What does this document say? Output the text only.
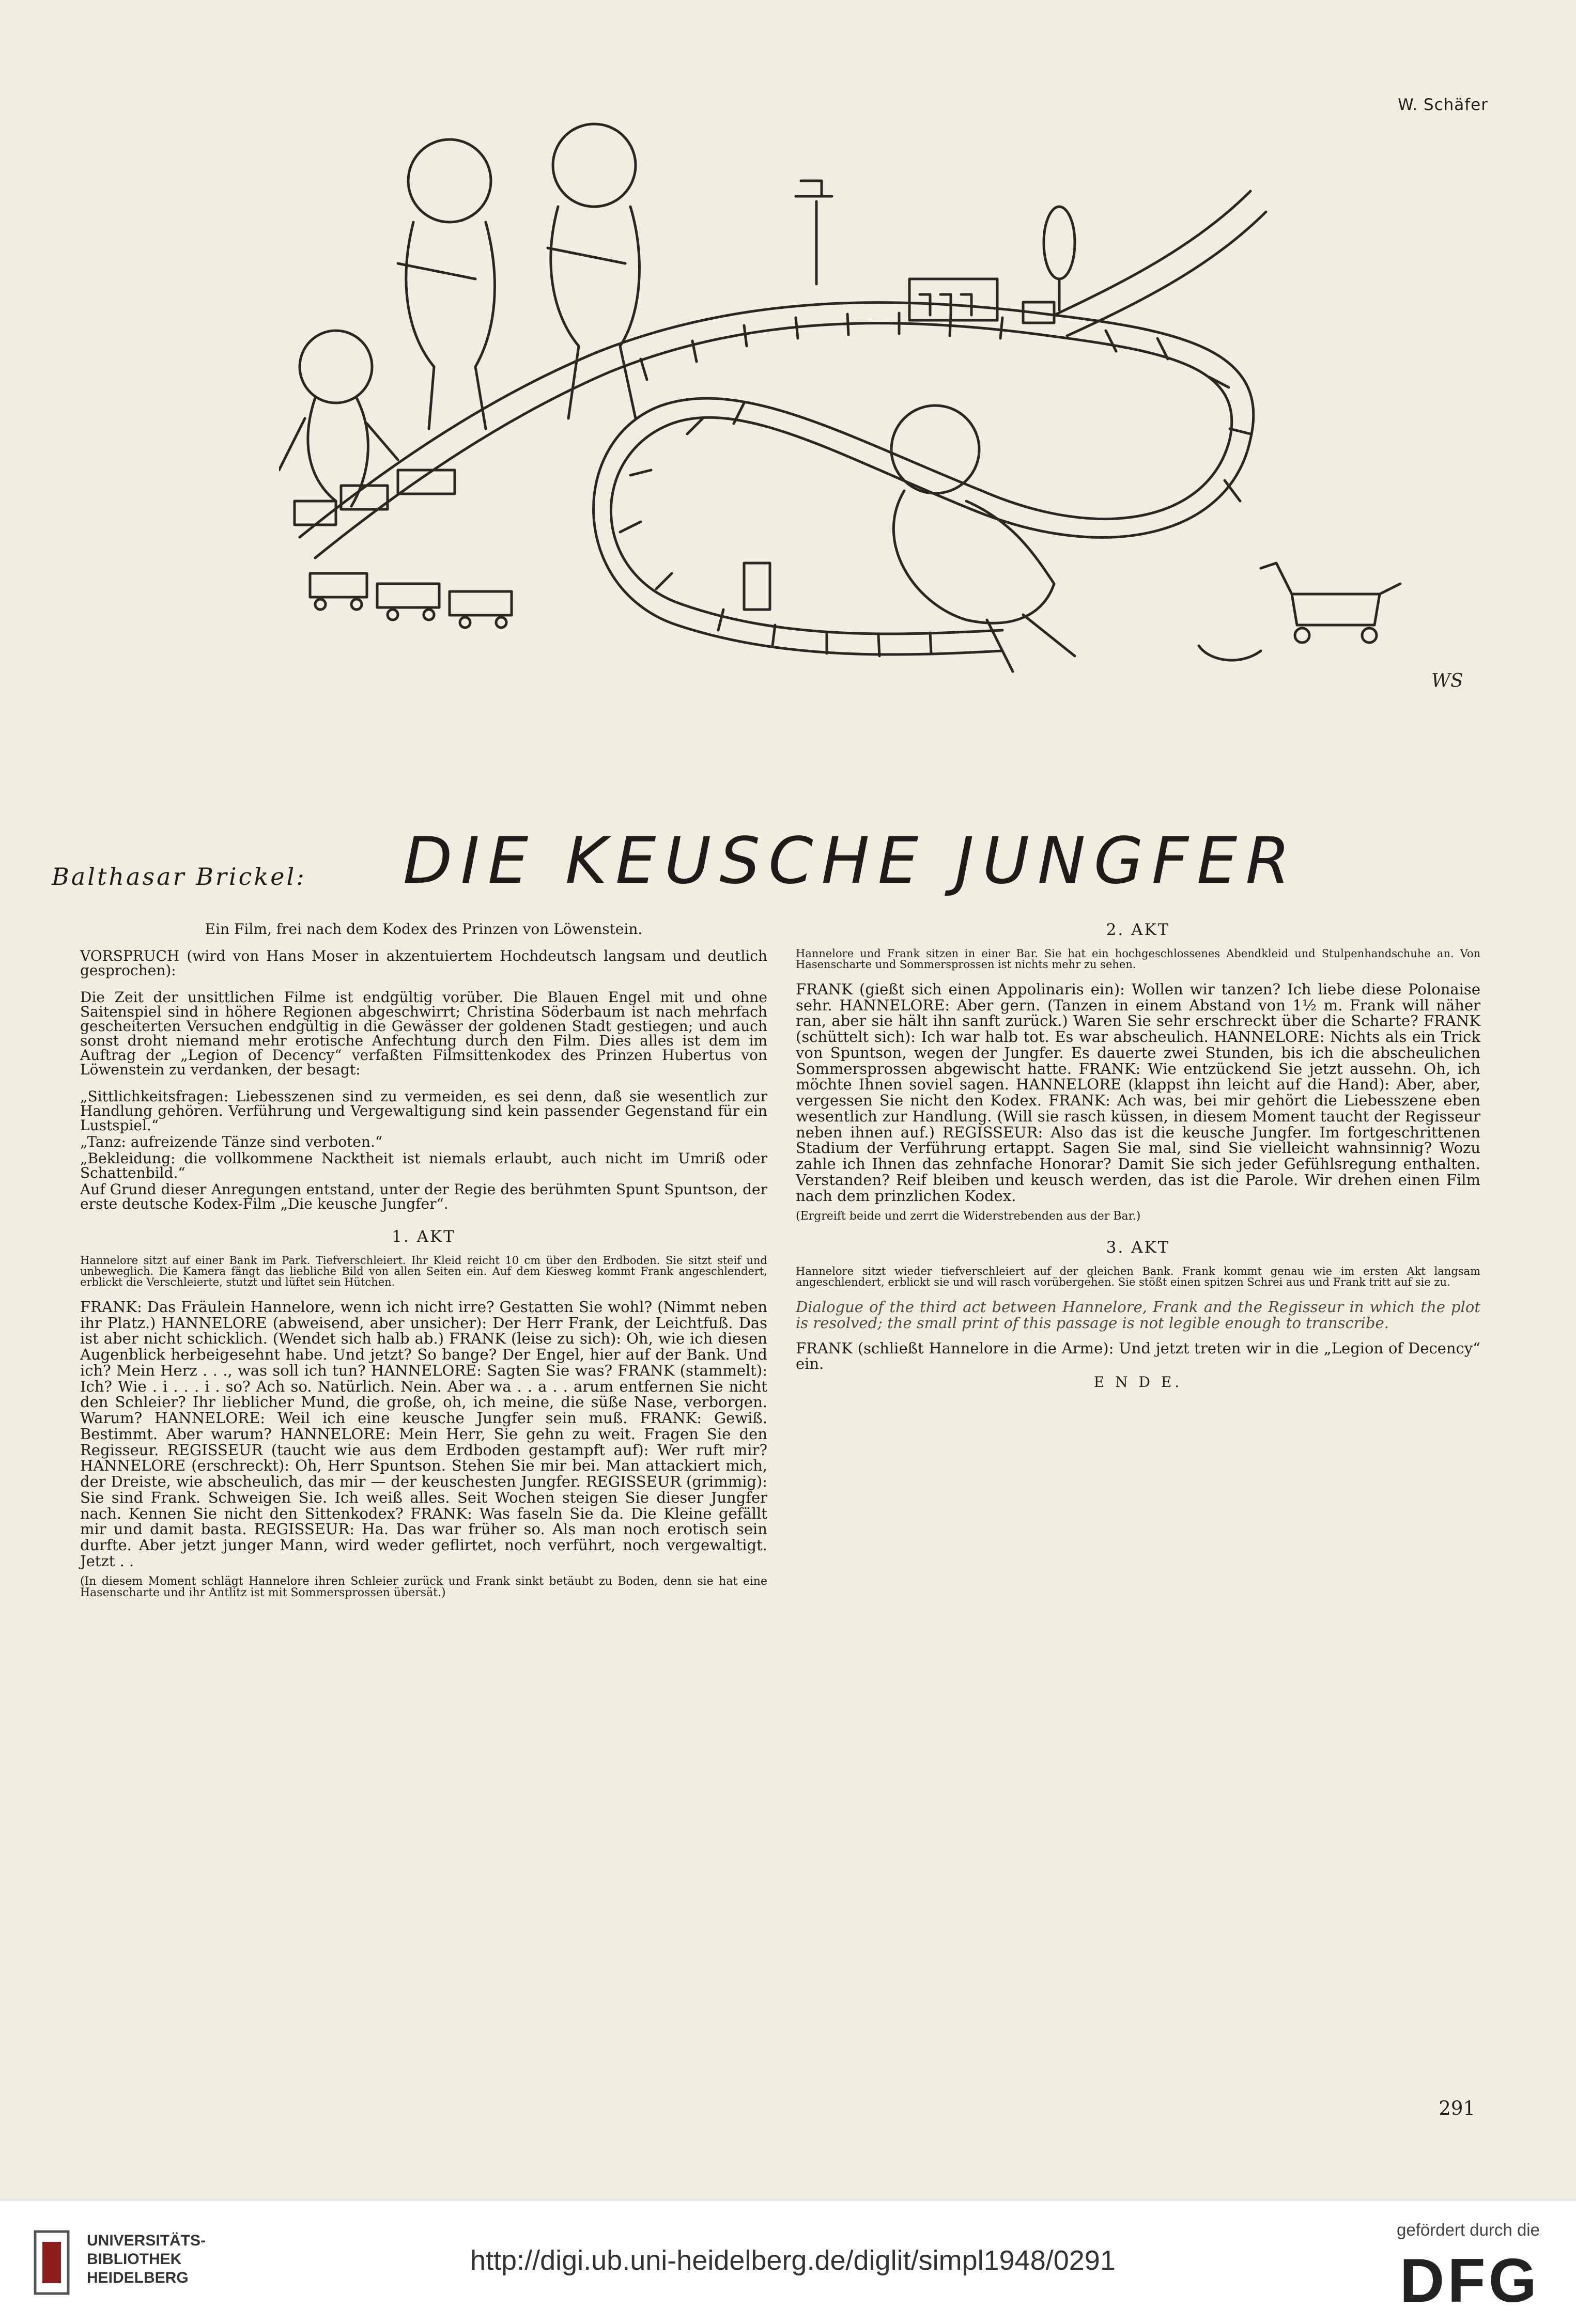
W. Schäfer
WS
Balthasar Brickel: DIE KEUSCHE JUNGFER

Ein Film, frei nach dem Kodex des Prinzen von Löwenstein.

VORSPRUCH (wird von Hans Moser in akzentuiertem Hochdeutsch langsam und deutlich gesprochen):

Die Zeit der unsittlichen Filme ist endgültig vorüber. Die Blauen Engel mit und ohne Saitenspiel sind in höhere Regionen abgeschwirrt; Christina Söderbaum ist nach mehrfach gescheiterten Versuchen endgültig in die Gewässer der goldenen Stadt gestiegen; und auch sonst droht niemand mehr erotische Anfechtung durch den Film. Dies alles ist dem im Auftrag der „Legion of Decency“ verfaßten Filmsittenkodex des Prinzen Hubertus von Löwenstein zu verdanken, der besagt:

„Sittlichkeitsfragen: Liebesszenen sind zu vermeiden, es sei denn, daß sie wesentlich zur Handlung gehören. Verführung und Vergewaltigung sind kein passender Gegenstand für ein Lustspiel.“

„Tanz: aufreizende Tänze sind verboten.“

„Bekleidung: die vollkommene Nacktheit ist niemals erlaubt, auch nicht im Umriß oder Schattenbild.“

Auf Grund dieser Anregungen entstand, unter der Regie des berühmten Spunt Spuntson, der erste deutsche Kodex-Film „Die keusche Jungfer“.

1. AKT
Hannelore sitzt auf einer Bank im Park. Tiefverschleiert. Ihr Kleid reicht 10 cm über den Erdboden. Sie sitzt steif und unbeweglich. Die Kamera fängt das liebliche Bild von allen Seiten ein. Auf dem Kiesweg kommt Frank angeschlendert, erblickt die Verschleierte, stutzt und lüftet sein Hütchen.
FRANK: Das Fräulein Hannelore, wenn ich nicht irre? Gestatten Sie wohl? (Nimmt neben ihr Platz.) HANNELORE (abweisend, aber unsicher): Der Herr Frank, der Leichtfuß. Das ist aber nicht schicklich. (Wendet sich halb ab.) FRANK (leise zu sich): Oh, wie ich diesen Augenblick herbeigesehnt habe. Und jetzt? So bange? Der Engel, hier auf der Bank. Und ich? Mein Herz . . ., was soll ich tun? HANNELORE: Sagten Sie was? FRANK (stammelt): Ich? Wie . i . . . i . so? Ach so. Natürlich. Nein. Aber wa . . a . . arum entfernen Sie nicht den Schleier? Ihr lieblicher Mund, die große, oh, ich meine, die süße Nase, verborgen. Warum? HANNELORE: Weil ich eine keusche Jungfer sein muß. FRANK: Gewiß. Bestimmt. Aber warum? HANNELORE: Mein Herr, Sie gehn zu weit. Fragen Sie den Regisseur. REGISSEUR (taucht wie aus dem Erdboden gestampft auf): Wer ruft mir? HANNELORE (erschreckt): Oh, Herr Spuntson. Stehen Sie mir bei. Man attackiert mich, der Dreiste, wie abscheulich, das mir — der keuschesten Jungfer. REGISSEUR (grimmig): Sie sind Frank. Schweigen Sie. Ich weiß alles. Seit Wochen steigen Sie dieser Jungfer nach. Kennen Sie nicht den Sittenkodex? FRANK: Was faseln Sie da. Die Kleine gefällt mir und damit basta. REGISSEUR: Ha. Das war früher so. Als man noch erotisch sein durfte. Aber jetzt junger Mann, wird weder geflirtet, noch verführt, noch vergewaltigt. Jetzt . .
(In diesem Moment schlägt Hannelore ihren Schleier zurück und Frank sinkt betäubt zu Boden, denn sie hat eine Hasenscharte und ihr Antlitz ist mit Sommersprossen übersät.)
2. AKT
Hannelore und Frank sitzen in einer Bar. Sie hat ein hochgeschlossenes Abendkleid und Stulpenhandschuhe an. Von Hasenscharte und Sommersprossen ist nichts mehr zu sehen.
FRANK (gießt sich einen Appolinaris ein): Wollen wir tanzen? Ich liebe diese Polonaise sehr. HANNELORE: Aber gern. (Tanzen in einem Abstand von 1½ m. Frank will näher ran, aber sie hält ihn sanft zurück.) Waren Sie sehr erschreckt über die Scharte? FRANK (schüttelt sich): Ich war halb tot. Es war abscheulich. HANNELORE: Nichts als ein Trick von Spuntson, wegen der Jungfer. Es dauerte zwei Stunden, bis ich die abscheulichen Sommersprossen abgewischt hatte. FRANK: Wie entzückend Sie jetzt aussehn. Oh, ich möchte Ihnen soviel sagen. HANNELORE (klappst ihn leicht auf die Hand): Aber, aber, vergessen Sie nicht den Kodex. FRANK: Ach was, bei mir gehört die Liebesszene eben wesentlich zur Handlung. (Will sie rasch küssen, in diesem Moment taucht der Regisseur neben ihnen auf.) REGISSEUR: Also das ist die keusche Jungfer. Im fortgeschrittenen Stadium der Verführung ertappt. Sagen Sie mal, sind Sie vielleicht wahnsinnig? Wozu zahle ich Ihnen das zehnfache Honorar? Damit Sie sich jeder Gefühlsregung enthalten. Verstanden? Reif bleiben und keusch werden, das ist die Parole. Wir drehen einen Film nach dem prinzlichen Kodex.
(Ergreift beide und zerrt die Widerstrebenden aus der Bar.)
3. AKT
Hannelore sitzt wieder tiefverschleiert auf der gleichen Bank. Frank kommt genau wie im ersten Akt langsam angeschlendert, erblickt sie und will rasch vorübergehen. Sie stößt einen spitzen Schrei aus und Frank tritt auf sie zu.
Dialogue of the third act between Hannelore, Frank and the Regisseur in which the plot is resolved; the small print of this passage is not legible enough to transcribe.
FRANK (schließt Hannelore in die Arme): Und jetzt treten wir in die „Legion of Decency“ ein.
E N D E.
291
UNIVERSITÄTS-
BIBLIOTHEK
HEIDELBERG
http://digi.ub.uni-heidelberg.de/diglit/simpl1948/0291
gefördert durch die
DFG
